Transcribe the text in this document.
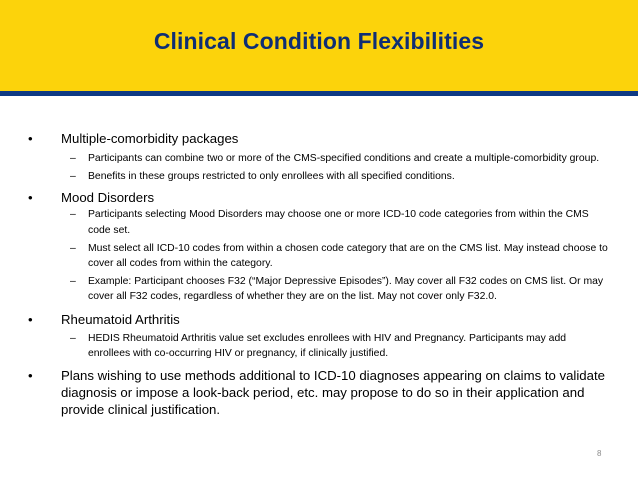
Clinical Condition Flexibilities
•	Multiple-comorbidity packages
–	Participants can combine two or more of the CMS-specified conditions and create a multiple-comorbidity group.
–	Benefits in these groups restricted to only enrollees with all specified conditions.
•	Mood Disorders
–	Participants selecting Mood Disorders may choose one or more ICD-10 code categories from within the CMS code set.
–	Must select all ICD-10 codes from within a chosen code category that are on the CMS list. May instead choose to cover all codes from within the category.
–	Example: Participant chooses F32 (“Major Depressive Episodes”). May cover all F32 codes on CMS list. Or may cover all F32 codes, regardless of whether they are on the list. May not cover only F32.0.
•	Rheumatoid Arthritis
–	HEDIS Rheumatoid Arthritis value set excludes enrollees with HIV and Pregnancy. Participants may add enrollees with co-occurring HIV or pregnancy, if clinically justified.
•	Plans wishing to use methods additional to ICD-10 diagnoses appearing on claims to validate diagnosis or impose a look-back period, etc. may propose to do so in their application and provide clinical justification.
8
